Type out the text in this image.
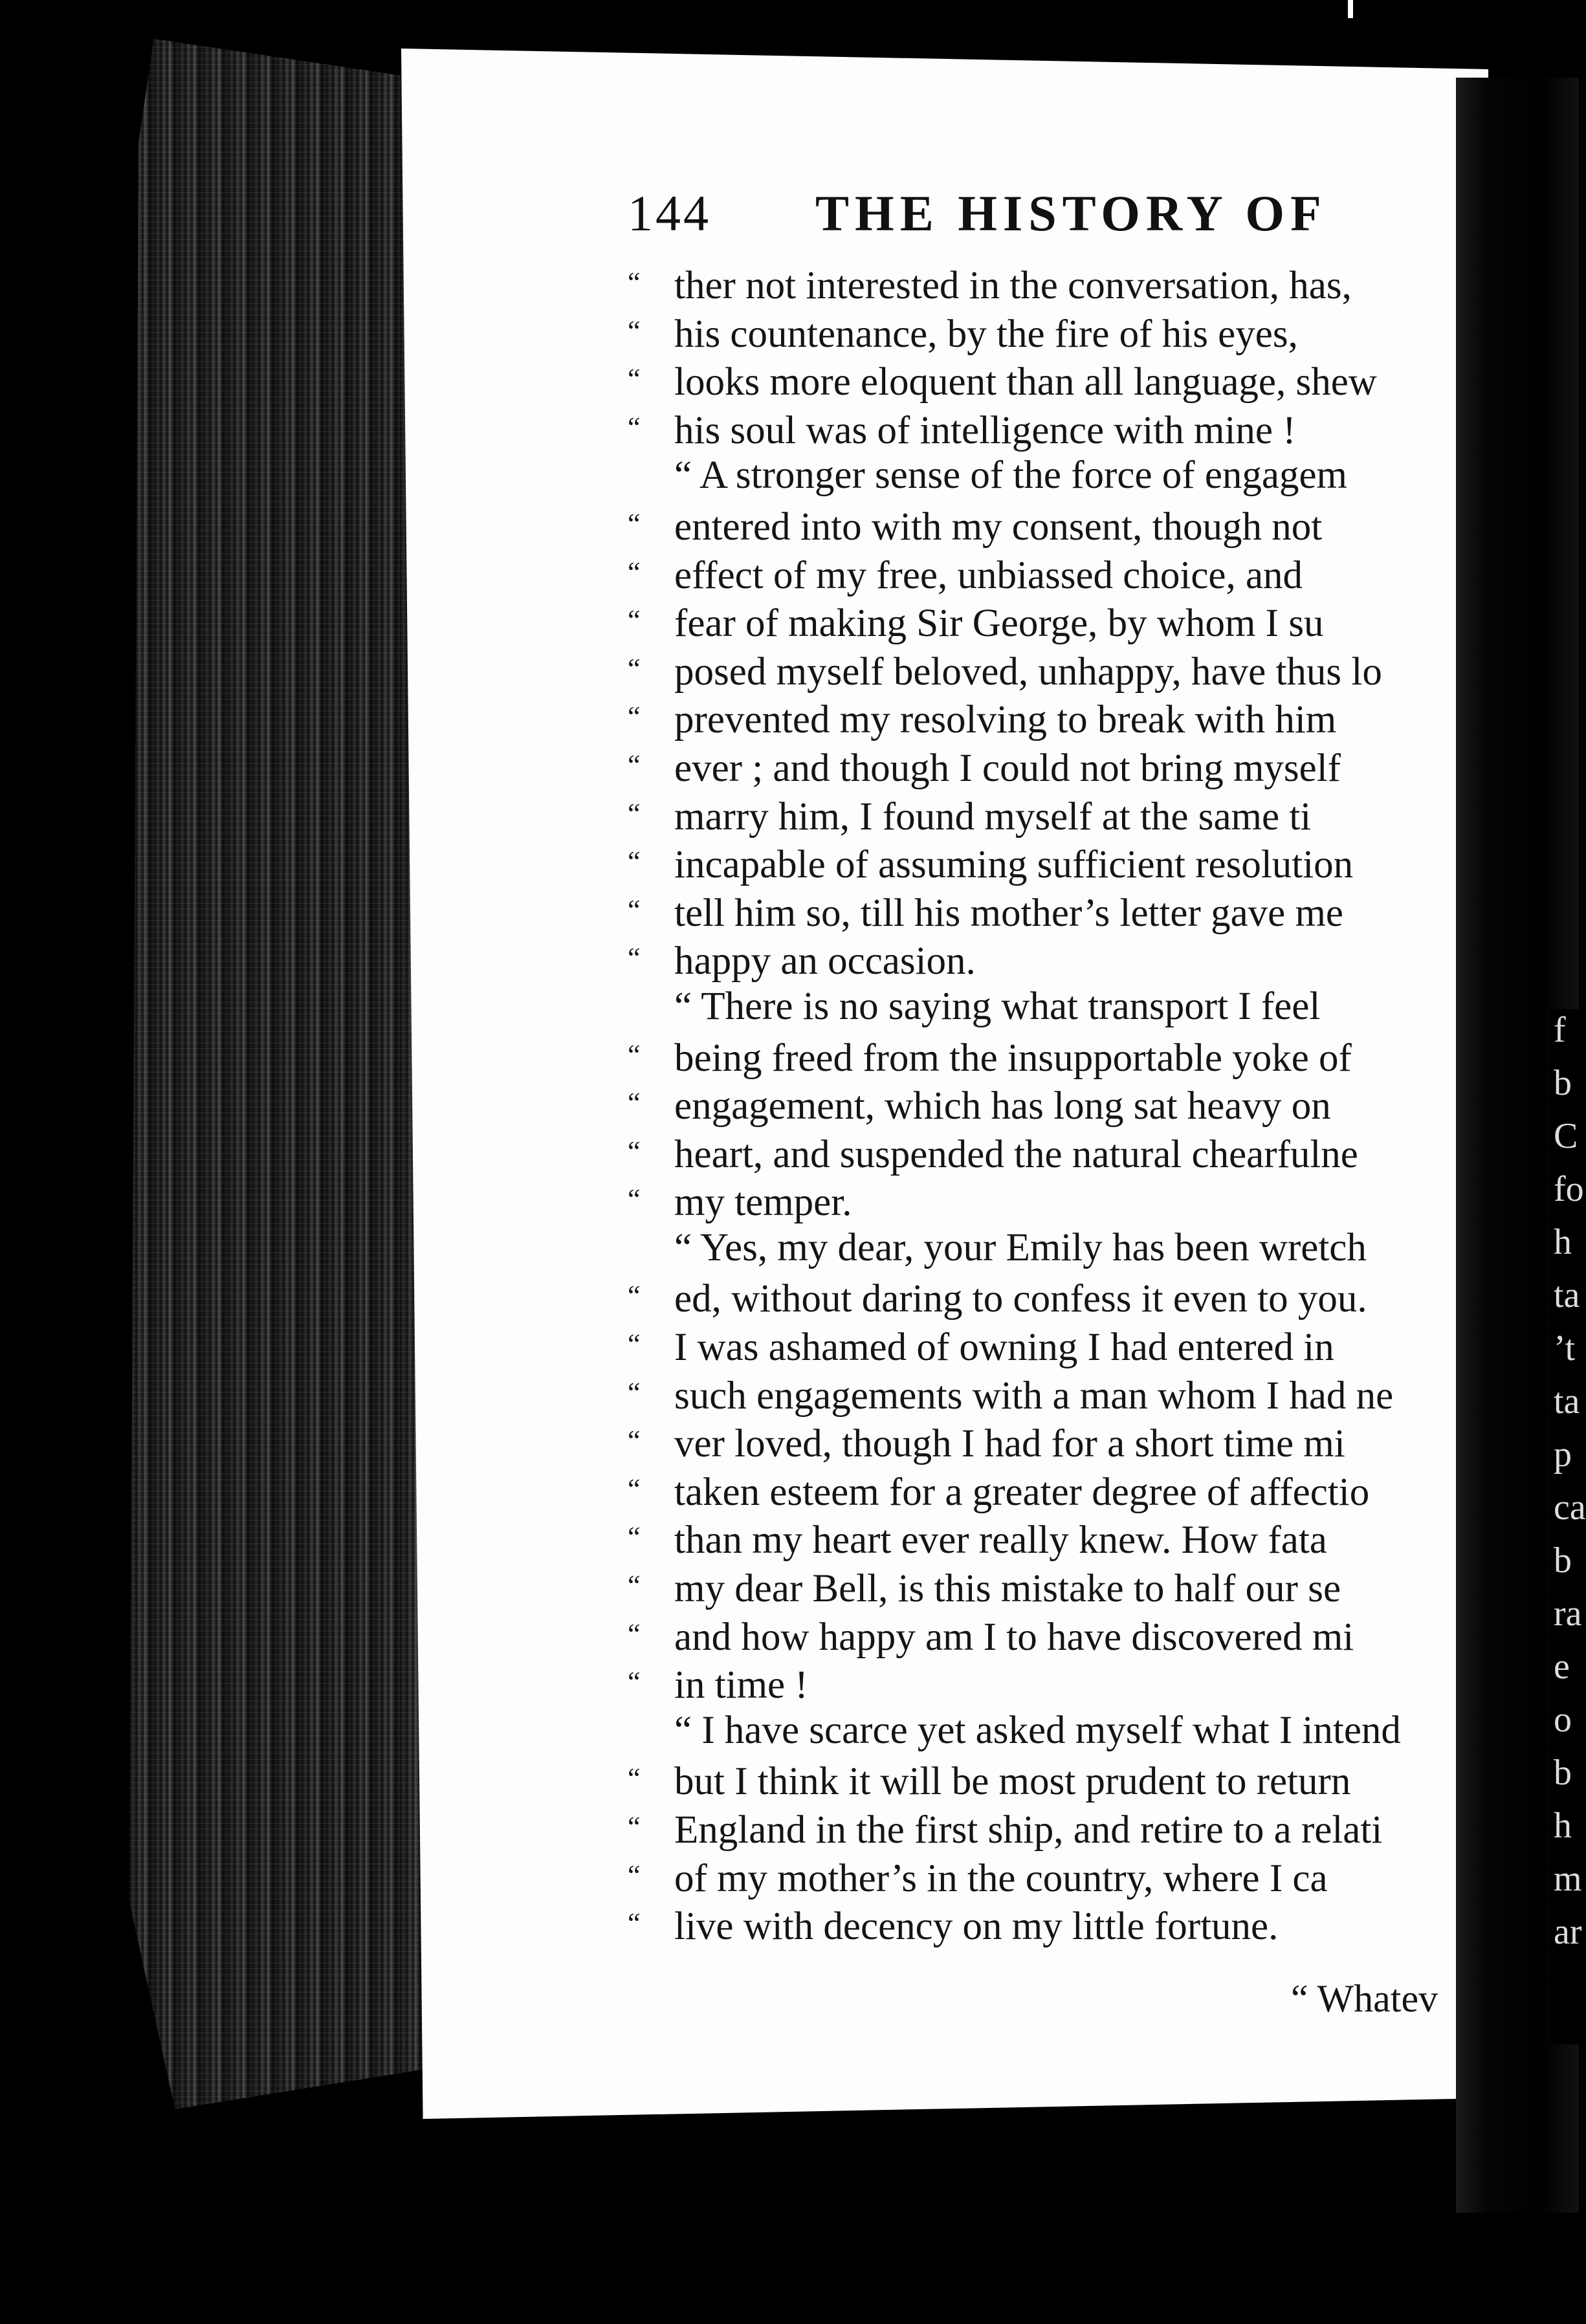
f
b
C
fo
h
ta
’t
ta
p
ca
b
ra
e
o
b
h
m
ar
144 THE HISTORY OF
“ ther not interested in the conversation, has,
“ his countenance, by the fire of his eyes,
“ looks more eloquent than all language, shew
“ his soul was of intelligence with mine !
“ A stronger sense of the force of engagem
“ entered into with my consent, though not
“ effect of my free, unbiassed choice, and
“ fear of making Sir George, by whom I su
“ posed myself beloved, unhappy, have thus lo
“ prevented my resolving to break with him
“ ever ; and though I could not bring myself
“ marry him, I found myself at the same ti
“ incapable of assuming sufficient resolution
“ tell him so, till his mother’s letter gave me
“ happy an occasion.
“ There is no saying what transport I feel
“ being freed from the insupportable yoke of
“ engagement, which has long sat heavy on
“ heart, and suspended the natural chearfulne
“ my temper.
“ Yes, my dear, your Emily has been wretch
“ ed, without daring to confess it even to you.
“ I was ashamed of owning I had entered in
“ such engagements with a man whom I had ne
“ ver loved, though I had for a short time mi
“ taken esteem for a greater degree of affectio
“ than my heart ever really knew. How fata
“ my dear Bell, is this mistake to half our se
“ and how happy am I to have discovered mi
“ in time !
“ I have scarce yet asked myself what I intend
“ but I think it will be most prudent to return
“ England in the first ship, and retire to a relati
“ of my mother’s in the country, where I ca
“ live with decency on my little fortune.
“ Whatev
